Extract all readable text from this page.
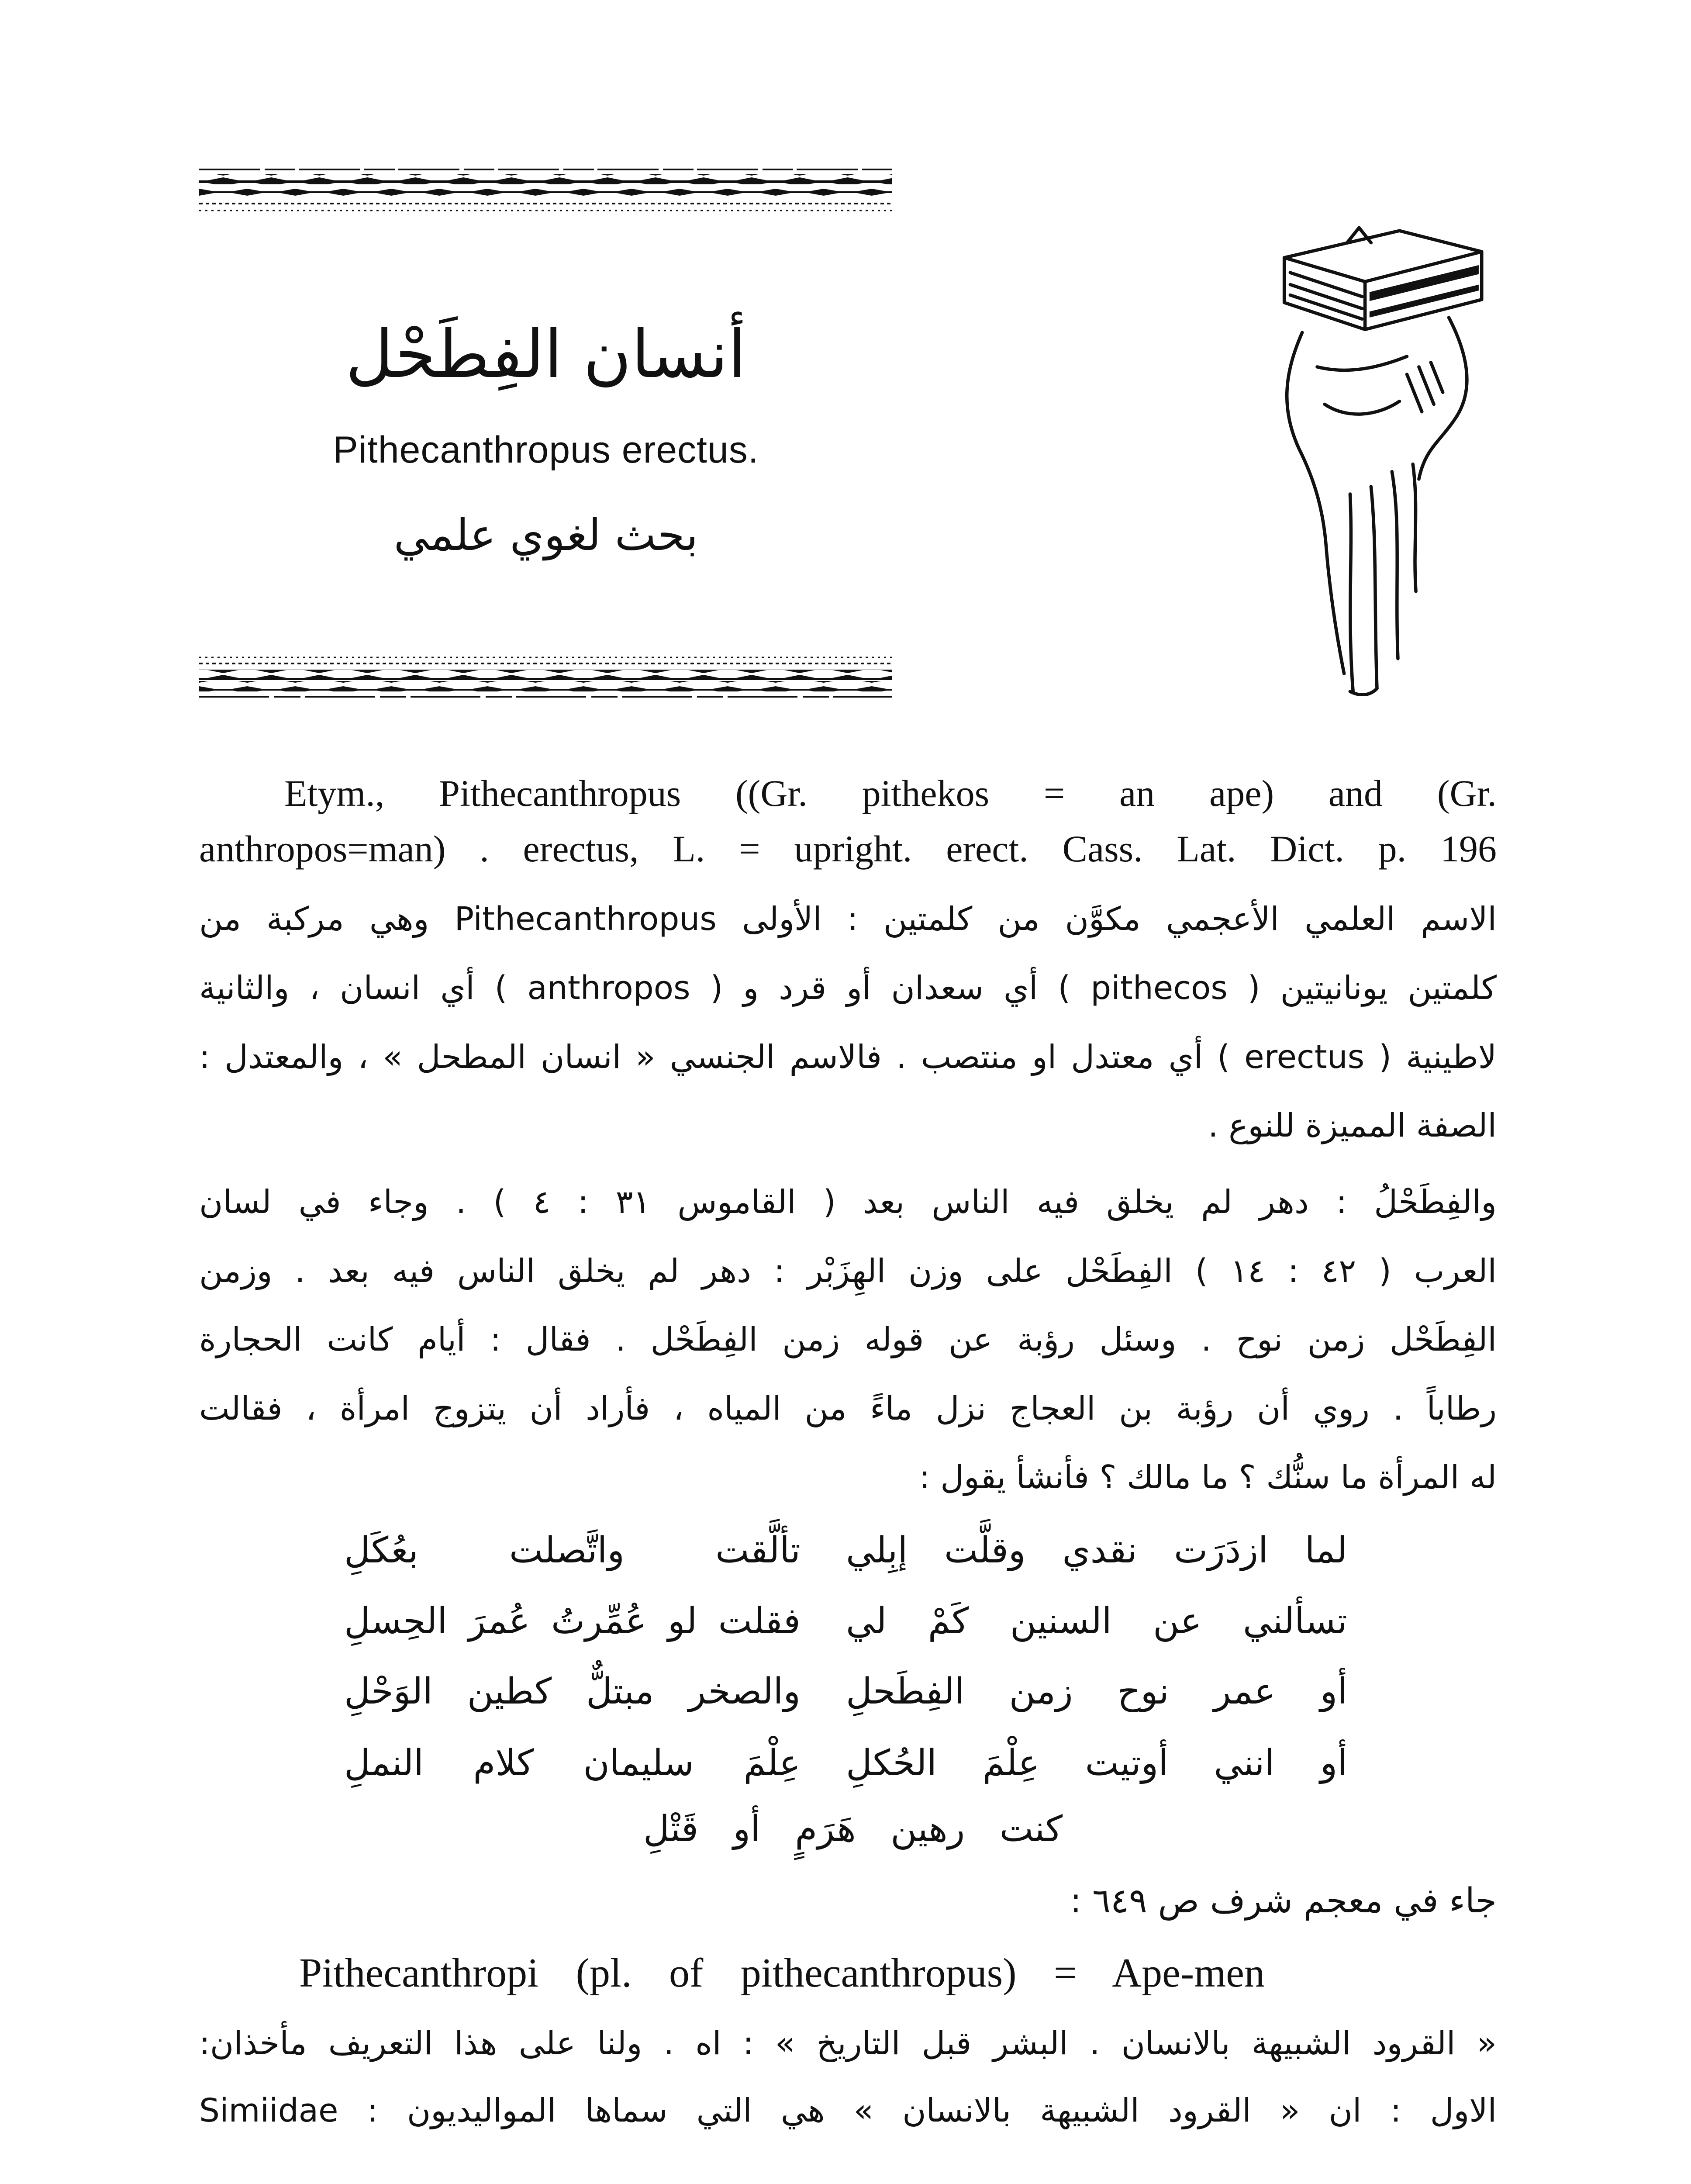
أنسان الفِطَحْل
Pithecanthropus erectus.
بحث لغوي علمي
Etym., Pithecanthropus ((Gr. pithekos = an ape) and (Gr.
anthropos=man) . erectus, L. = upright. erect. Cass. Lat. Dict. p. 196
الاسم العلمي الأعجمي مكوَّن من كلمتين : الأولى Pithecanthropus وهي مركبة من
كلمتين يونانيتين ( pithecos ) أي سعدان أو قرد و ( anthropos ) أي انسان ، والثانية
لاطينية ( erectus ) أي معتدل او منتصب . فالاسم الجنسي « انسان المطحل » ، والمعتدل :
الصفة المميزة للنوع .
والفِطَحْلُ : دهر لم يخلق فيه الناس بعد ( القاموس ٣١ : ٤ ) . وجاء في لسان
العرب ( ٤٢ : ١٤ ) الفِطَحْل على وزن الهِزَبْر : دهر لم يخلق الناس فيه بعد . وزمن
الفِطَحْل زمن نوح . وسئل رؤبة عن قوله زمن الفِطَحْل . فقال : أيام كانت الحجارة
رطاباً . روي أن رؤبة بن العجاج نزل ماءً من المياه ، فأراد أن يتزوج امرأة ، فقالت
له المرأة ما سنُّك ؟ ما مالك ؟ فأنشأ يقول :
لما ازدَرَت نقدي وقلَّت إبِلي
تألَّقت واتَّصلت بعُكَلِ
تسألني عن السنين كَمْ لي
فقلت لو عُمِّرتُ عُمرَ الحِسلِ
أو عمر نوح زمن الفِطَحلِ
والصخر مبتلٌّ كطين الوَحْلِ
أو انني أوتيت عِلْمَ الحُكلِ
عِلْمَ سليمان كلام النملِ
كنت رهين هَرَمٍ أو قَتْلِ
جاء في معجم شرف ص ٦٤٩ :
Pithecanthropi (pl. of pithecanthropus) = Ape-men
« القرود الشبيهة بالانسان . البشر قبل التاريخ » : اه . ولنا على هذا التعريف مأخذان:
الاول : ان « القرود الشبيهة بالانسان » هي التي سماها المواليديون : Simiidae
